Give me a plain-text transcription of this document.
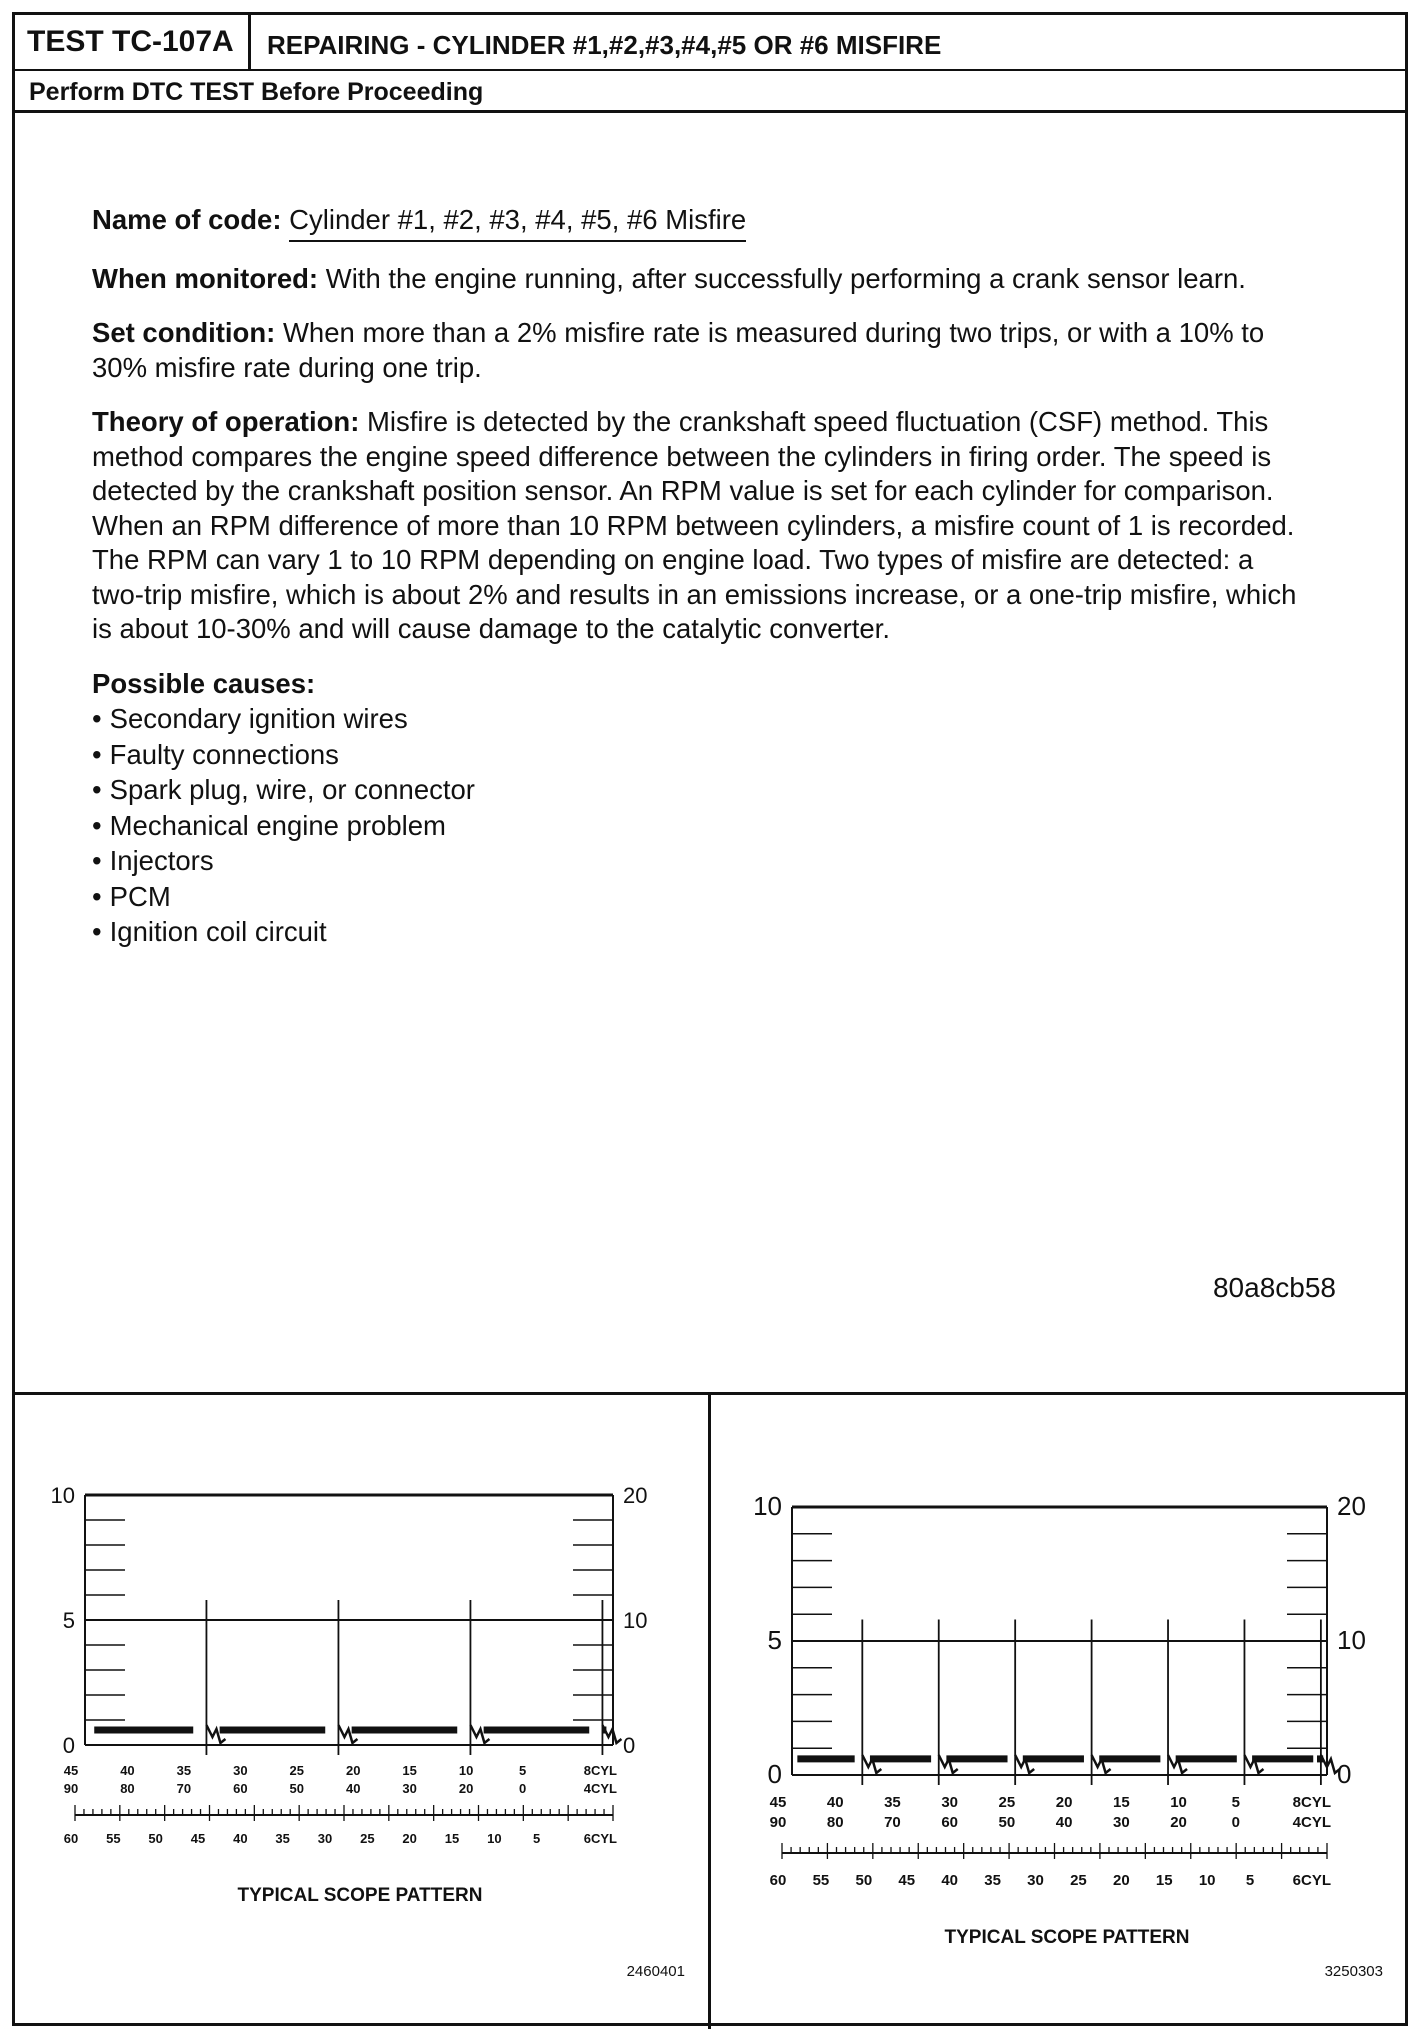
TEST TC-107A	REPAIRING - CYLINDER #1,#2,#3,#4,#5 OR #6 MISFIRE
Perform DTC TEST Before Proceeding

Name of code: Cylinder #1, #2, #3, #4, #5, #6 Misfire

When monitored: With the engine running, after successfully performing a crank sensor learn.

Set condition: When more than a 2% misfire rate is measured during two trips, or with a 10% to 30% misfire rate during one trip.

Theory of operation: Misfire is detected by the crankshaft speed fluctuation (CSF) method. This method compares the engine speed difference between the cylinders in firing order. The speed is detected by the crankshaft position sensor. An RPM value is set for each cylinder for comparison. When an RPM difference of more than 10 RPM between cylinders, a misfire count of 1 is recorded. The RPM can vary 1 to 10 RPM depending on engine load. Two types of misfire are detected: a two-trip misfire, which is about 2% and results in an emissions increase, or a one-trip misfire, which is about 10-30% and will cause damage to the catalytic converter.

Possible causes:
• Secondary ignition wires
• Faulty connections
• Spark plug, wire, or connector
• Mechanical engine problem
• Injectors
• PCM
• Ignition coil circuit
80a8cb58
10
5
0
20
10
0
45	40	35	30	25	20	15	10	5	8CYL
90	80	70	60	50	40	30	20	0	4CYL
60 55 50 45 40 35 30 25 20 15 10 5	6CYL
TYPICAL SCOPE PATTERN
2460401
10
5
0
20
10
0
45	40	35	30	25	20	15	10	5	8CYL
90	80	70	60	50	40	30	20	0	4CYL
60 55 50 45 40 35 30 25 20 15 10 5	6CYL
TYPICAL SCOPE PATTERN
3250303
